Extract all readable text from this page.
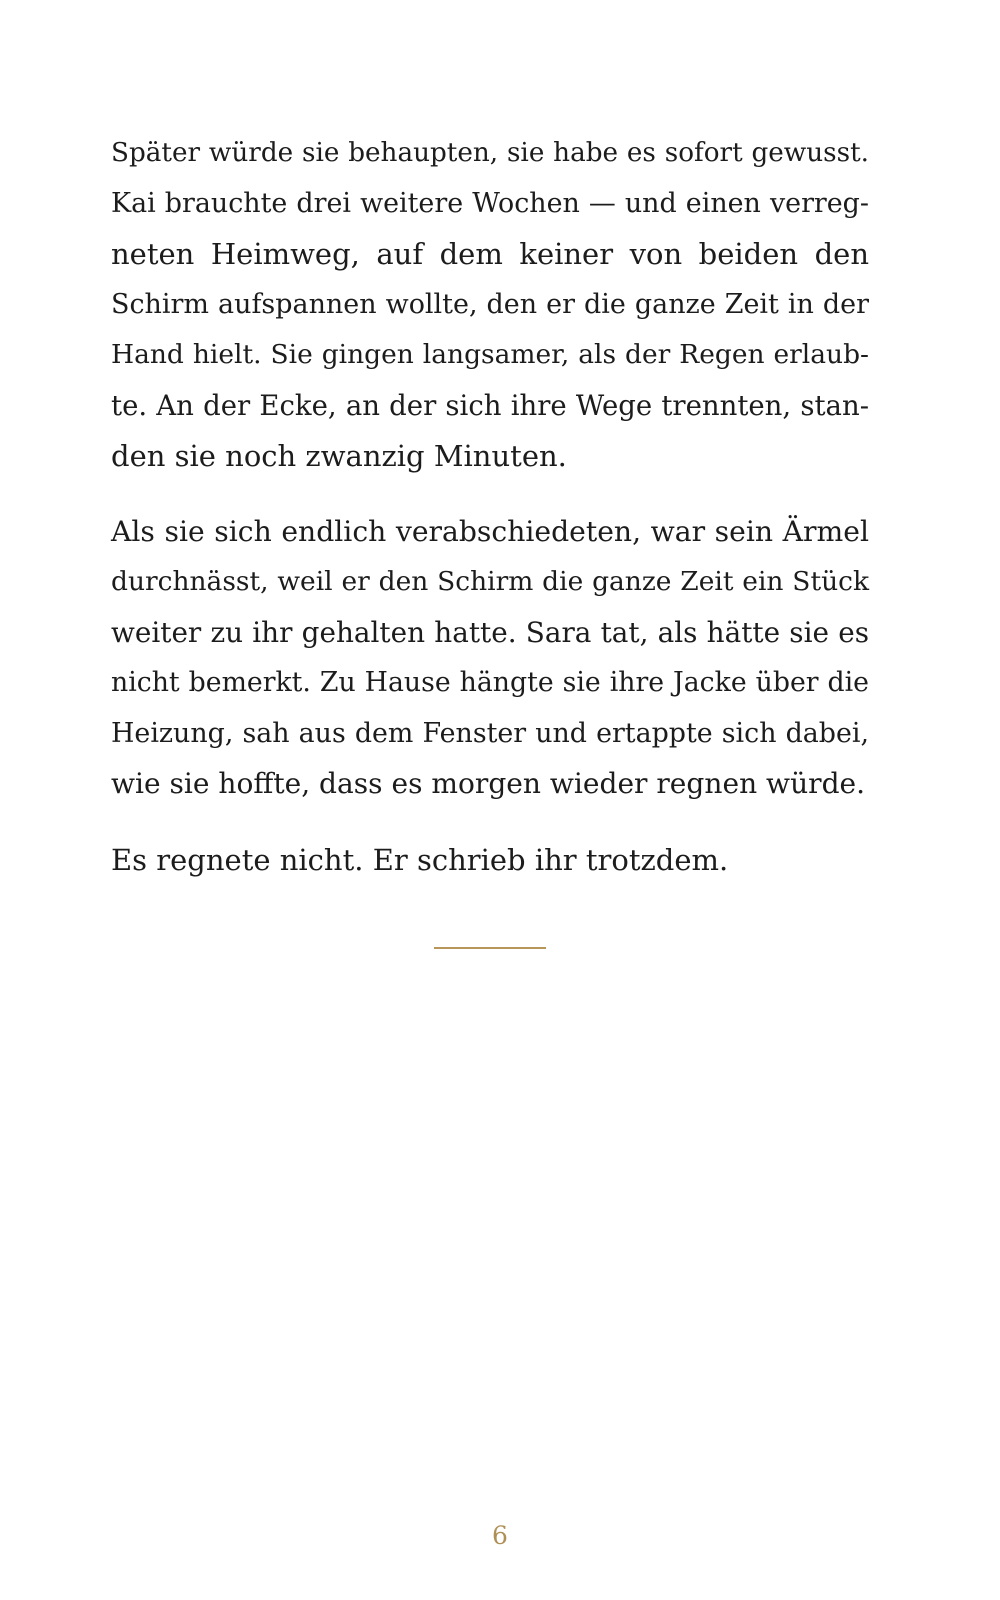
Später würde sie behaupten, sie habe es sofort gewusst.
Kai brauchte drei weitere Wochen — und einen verreg-
neten Heimweg, auf dem keiner von beiden den
Schirm aufspannen wollte, den er die ganze Zeit in der
Hand hielt. Sie gingen langsamer, als der Regen erlaub-
te. An der Ecke, an der sich ihre Wege trennten, stan-
den sie noch zwanzig Minuten.

Als sie sich endlich verabschiedeten, war sein Ärmel
durchnässt, weil er den Schirm die ganze Zeit ein Stück
weiter zu ihr gehalten hatte. Sara tat, als hätte sie es
nicht bemerkt. Zu Hause hängte sie ihre Jacke über die
Heizung, sah aus dem Fenster und ertappte sich dabei,
wie sie hoffte, dass es morgen wieder regnen würde.

Es regnete nicht. Er schrieb ihr trotzdem.

6
